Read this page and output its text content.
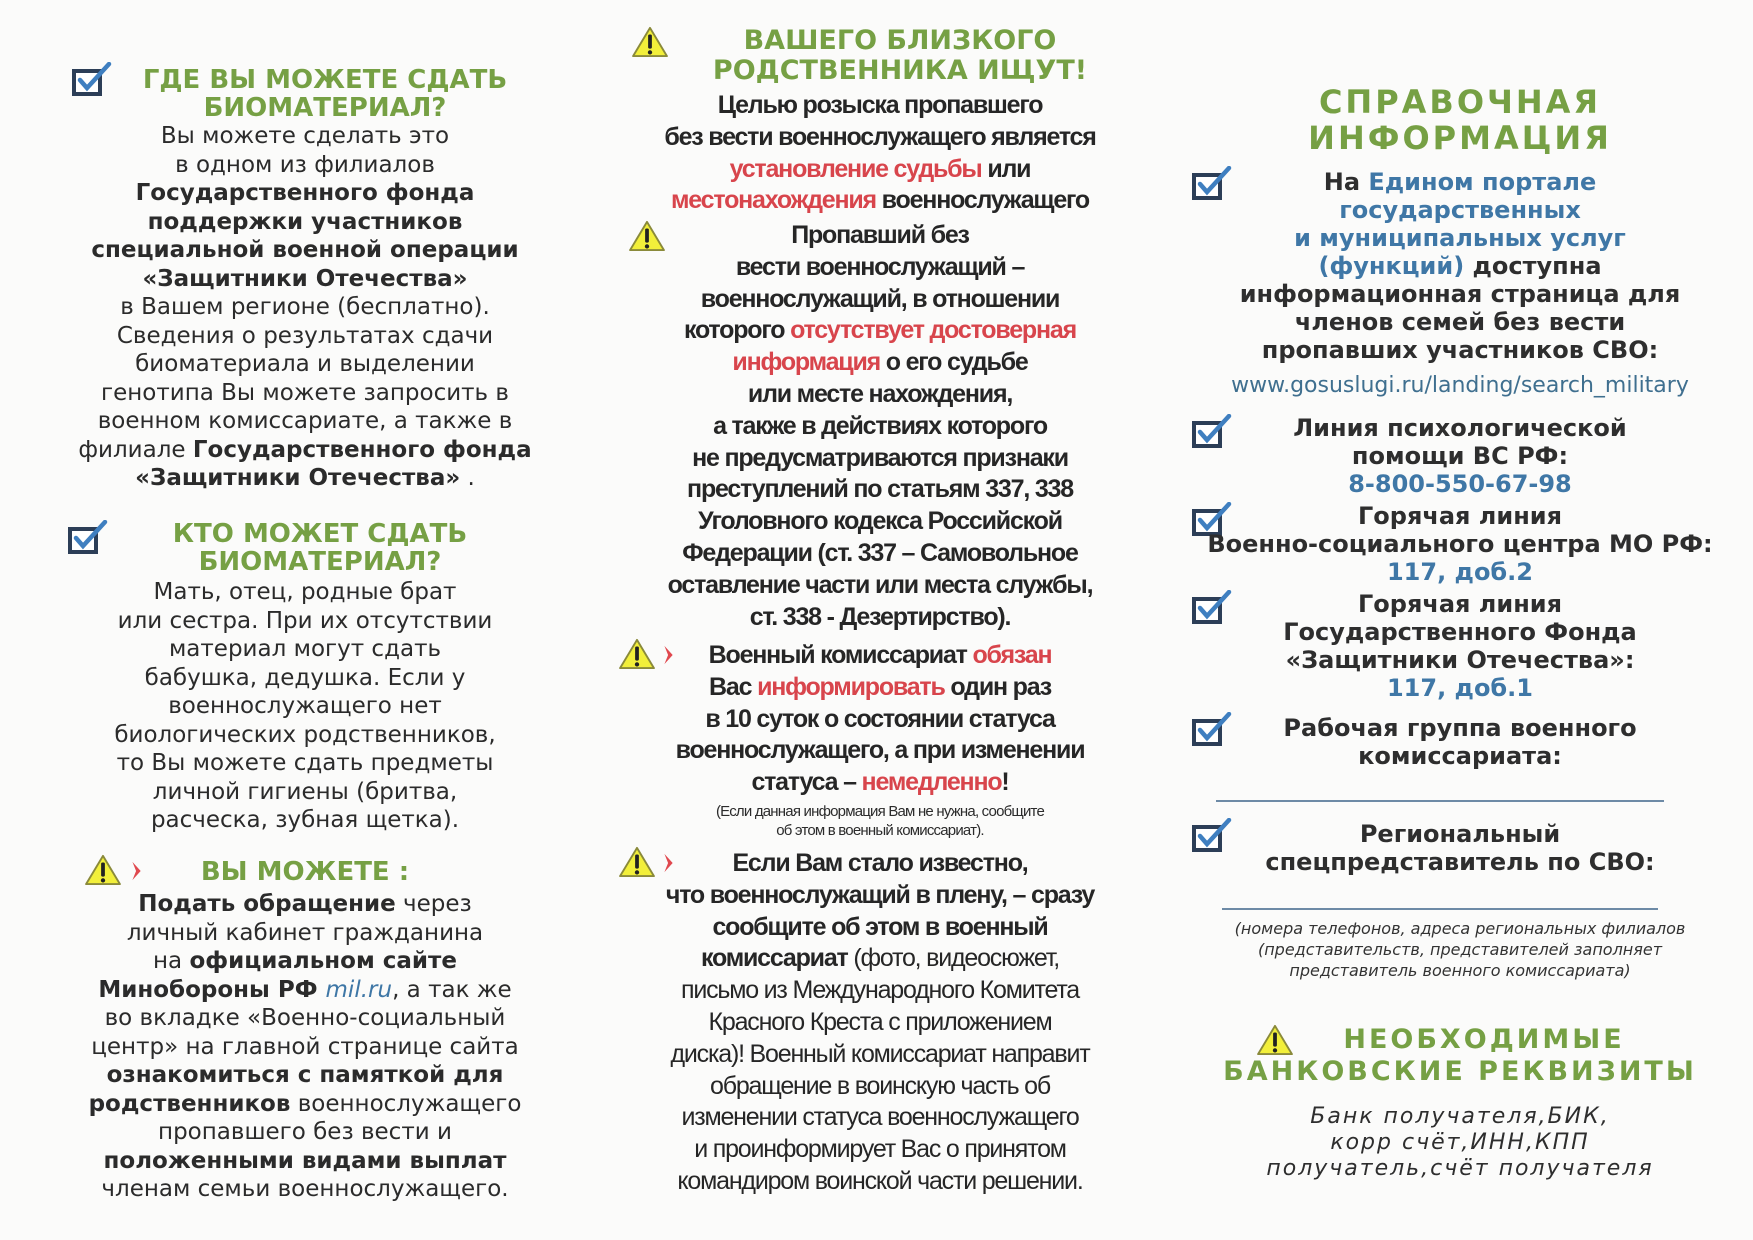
ГДЕ ВЫ МОЖЕТЕ СДАТЬ
БИОМАТЕРИАЛ?
Вы можете сделать это
в одном из филиалов
Государственного фонда
поддержки участников
специальной военной операции
«Защитники Отечества»
в Вашем регионе (бесплатно).
Сведения о результатах сдачи
биоматериала и выделении
генотипа Вы можете запросить в
военном комиссариате, а также в
филиале Государственного фонда
«Защитники Отечества» .
КТО МОЖЕТ СДАТЬ
БИОМАТЕРИАЛ?
Мать, отец, родные брат
или сестра. При их отсутствии
материал могут сдать
бабушка, дедушка. Если у
военнослужащего нет
биологических родственников,
то Вы можете сдать предметы
личной гигиены (бритва,
расческа, зубная щетка).
ВЫ МОЖЕТЕ :
Подать обращение через
личный кабинет гражданина
на официальном сайте
Минобороны РФ mil.ru, а так же
во вкладке «Военно-социальный
центр» на главной странице сайта
ознакомиться с памяткой для
родственников военнослужащего
пропавшего без вести и
положенными видами выплат
членам семьи военнослужащего.
ВАШЕГО БЛИЗКОГО
РОДСТВЕННИКА ИЩУТ!
Целью розыска пропавшего
без вести военнослужащего является
установление судьбы или
местонахождения военнослужащего
Пропавший без
вести военнослужащий –
военнослужащий, в отношении
которого отсутствует достоверная
информация о его судьбе
или месте нахождения,
а также в действиях которого
не предусматриваются признаки
преступлений по статьям 337, 338
Уголовного кодекса Российской
Федерации (ст. 337 – Самовольное
оставление части или места службы,
ст. 338 - Дезертирство).
Военный комиссариат обязан
Вас информировать один раз
в 10 суток о состоянии статуса
военнослужащего, а при изменении
статуса – немедленно!
(Если данная информация Вам не нужна, сообщите
об этом в военный комиссариат).
Если Вам стало известно,
что военнослужащий в плену, – сразу
сообщите об этом в военный
комиссариат (фото, видеосюжет,
письмо из Международного Комитета
Красного Креста с приложением
диска)! Военный комиссариат направит
обращение в воинскую часть об
изменении статуса военнослужащего
и проинформирует Вас о принятом
командиром воинской части решении.
СПРАВОЧНАЯ
ИНФОРМАЦИЯ
На Едином портале
государственных
и муниципальных услуг
(функций) доступна
информационная страница для
членов семей без вести
пропавших участников СВО:
www.gosuslugi.ru/landing/search_military
Линия психологической
помощи ВС РФ:
8-800-550-67-98
Горячая линия
Военно-социального центра МО РФ:
117, доб.2
Горячая линия
Государственного Фонда
«Защитники Отечества»:
117, доб.1
Рабочая группа военного
комиссариата:
Региональный
спецпредставитель по СВО:
(номера телефонов, адреса региональных филиалов
(представительств, представителей заполняет
представитель военного комиссариата)
НЕОБХОДИМЫЕ
БАНКОВСКИЕ РЕКВИЗИТЫ
Банк получателя,БИК,
корр счёт,ИНН,КПП
получатель,счёт получателя
